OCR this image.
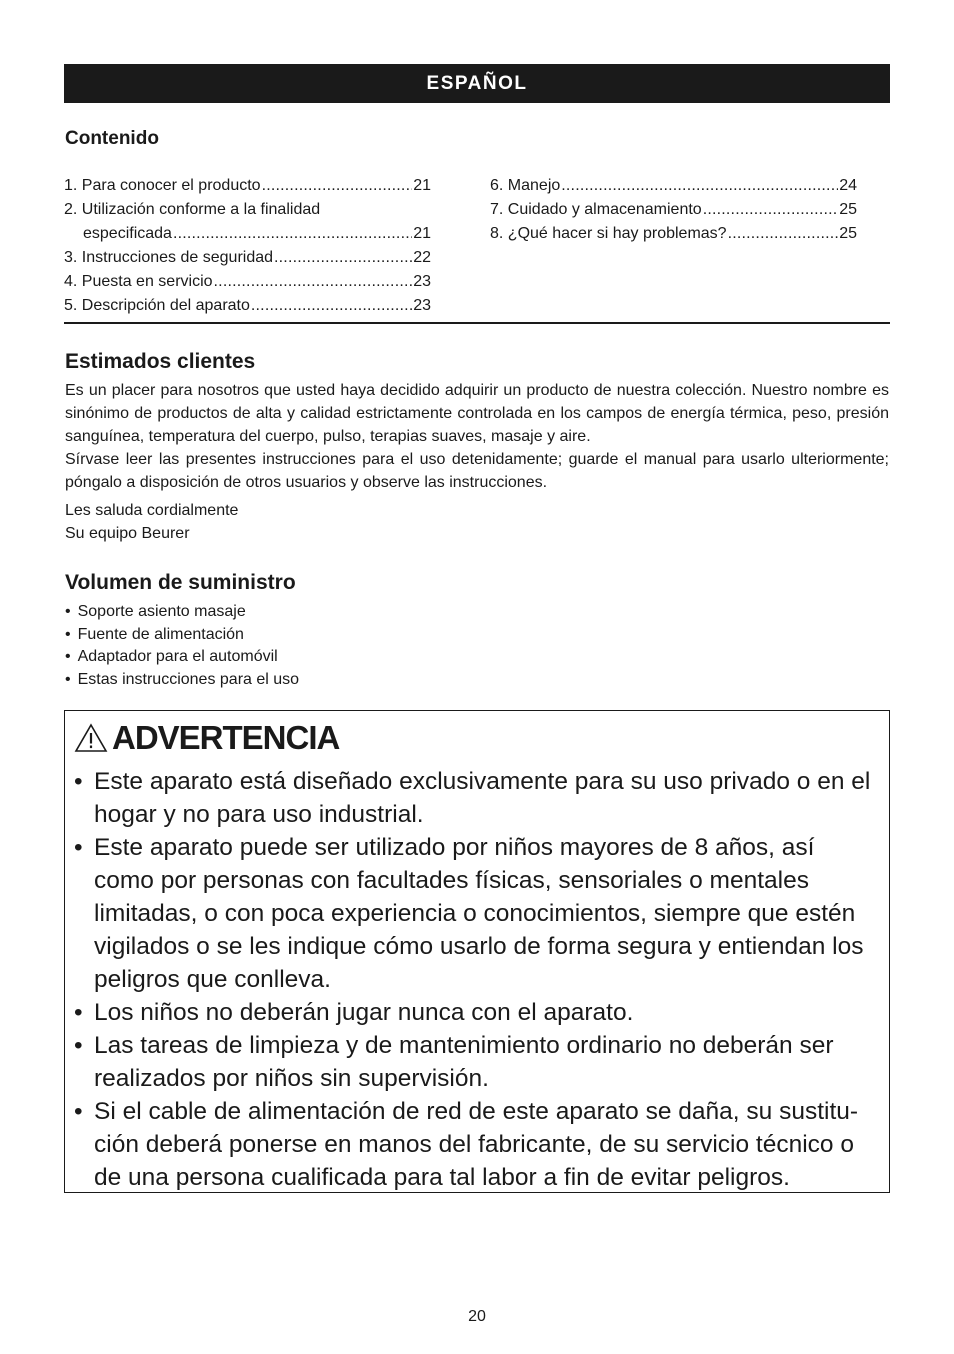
ESPAÑOL
Contenido
1. Para conocer el producto .....	21
2. Utilización conforme a la finalidad
especificada .....	21
3. Instrucciones de seguridad .....	22
4. Puesta en servicio .....	23
5. Descripción del aparato .....	23
6. Manejo .....	24
7. Cuidado y almacenamiento .....	25
8. ¿Qué hacer si hay problemas? .....	25
Estimados clientes

Es un placer para nosotros que usted haya decidido adquirir un producto de nuestra colección. Nuestro nombre es sinónimo de productos de alta y calidad estrictamente controlada en los campos de energía térmica, peso, presión sanguínea, temperatura del cuerpo, pulso, terapias suaves, masaje y aire.

Sírvase leer las presentes instrucciones para el uso detenidamente; guarde el manual para usarlo ulteriormente; póngalo a disposición de otros usuarios y observe las instrucciones.

Les saluda cordialmente
Su equipo Beurer
Volumen de suministro
• Soporte asiento masaje
• Fuente de alimentación
• Adaptador para el automóvil
• Estas instrucciones para el uso
ADVERTENCIA
• Este aparato está diseñado exclusivamente para su uso privado o en el hogar y no para uso industrial.
• Este aparato puede ser utilizado por niños mayores de 8 años, así como por personas con facultades físicas, sensoriales o mentales limitadas, o con poca experiencia o conocimientos, siempre que estén vigilados o se les indique cómo usarlo de forma segura y entiendan los peligros que conlleva.
• Los niños no deberán jugar nunca con el aparato.
• Las tareas de limpieza y de mantenimiento ordinario no deberán ser realizados por niños sin supervisión.
• Si el cable de alimentación de red de este aparato se daña, su sustitución deberá ponerse en manos del fabricante, de su servicio técnico o de una persona cualificada para tal labor a fin de evitar peligros.
20
